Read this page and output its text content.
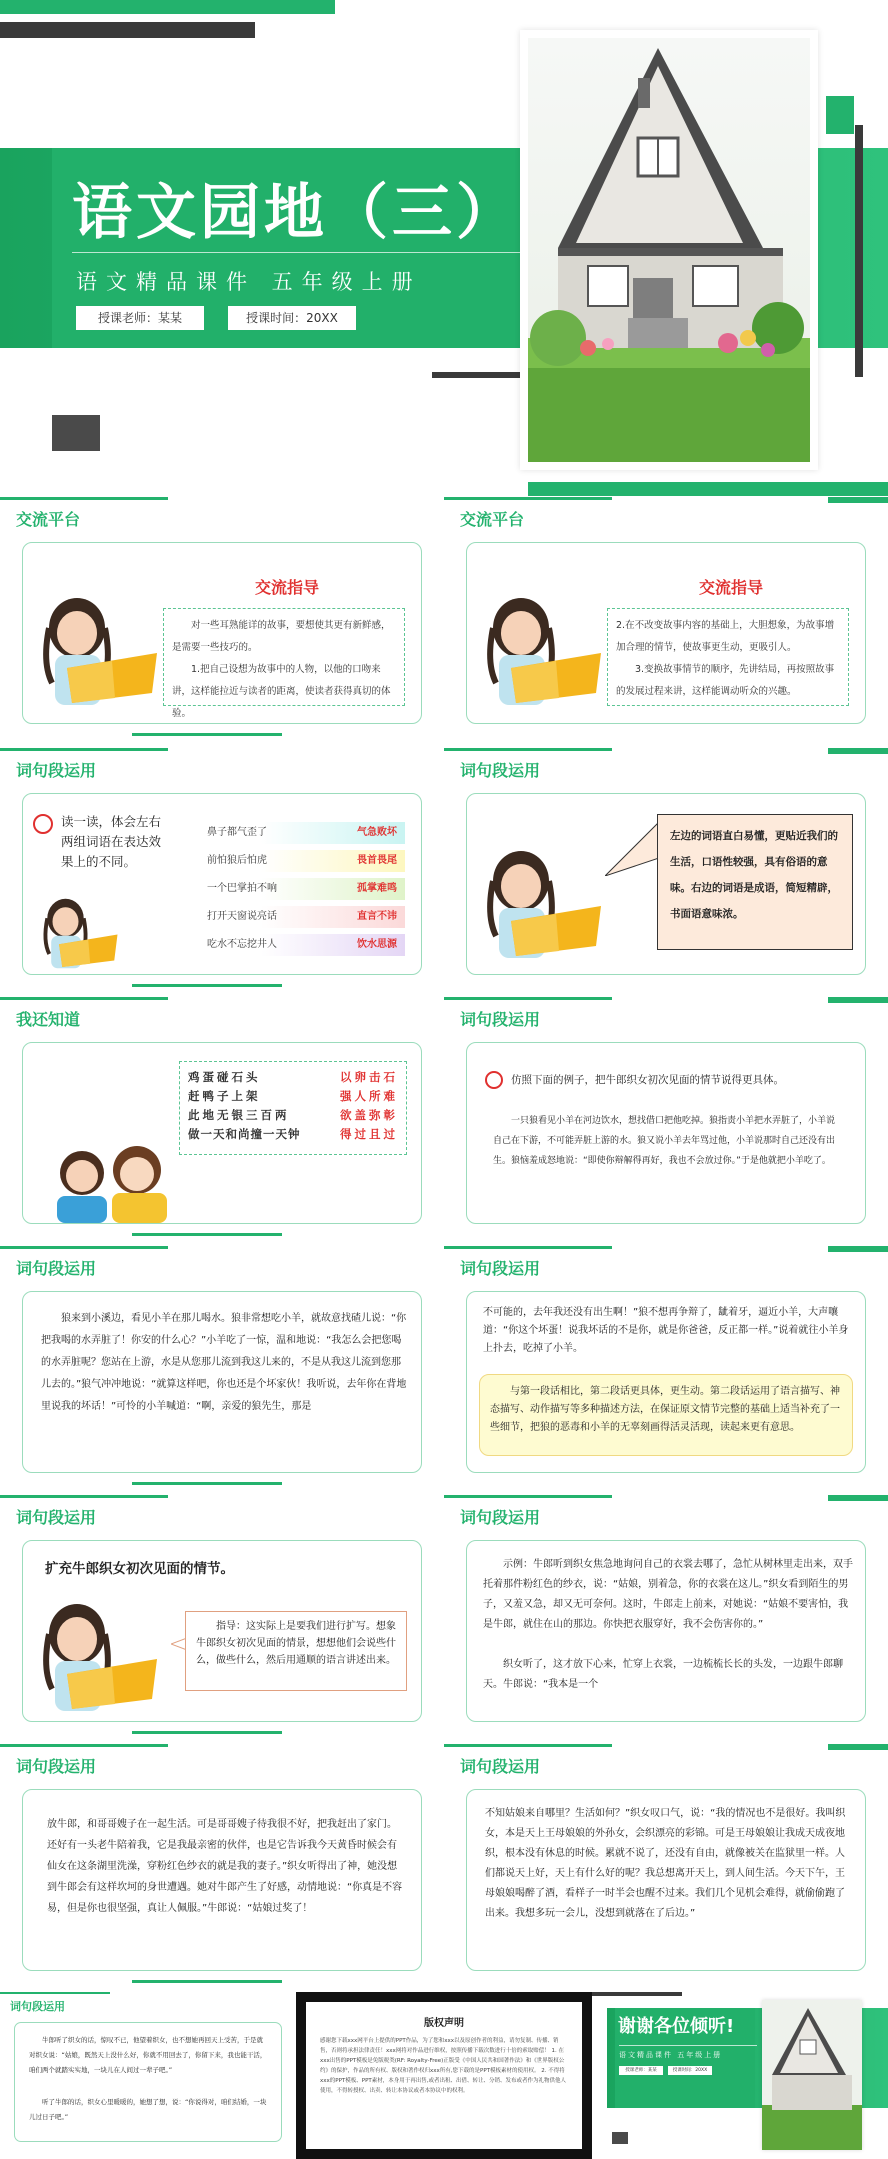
语文园地（三）
语文精品课件 五年级上册
授课老师：某某	授课时间：20XX
交流平台
交流指导
对一些耳熟能详的故事，要想使其更有新鲜感，是需要一些技巧的。
1.把自己设想为故事中的人物，以他的口吻来讲，这样能拉近与读者的距离，使读者获得真切的体验。
交流平台
交流指导
2.在不改变故事内容的基础上，大胆想象，为故事增加合理的情节，使故事更生动，更吸引人。
3.变换故事情节的顺序，先讲结局，再按照故事的发展过程来讲，这样能调动听众的兴趣。
词句段运用
读一读，体会左右两组词语在表达效果上的不同。
鼻子都气歪了	气急败坏
前怕狼后怕虎	畏首畏尾
一个巴掌拍不响	孤掌难鸣
打开天窗说亮话	直言不讳
吃水不忘挖井人	饮水思源
词句段运用
左边的词语直白易懂，更贴近我们的生活，口语性较强，具有俗语的意味。右边的词语是成语，简短精辟，书面语意味浓。
我还知道
鸡蛋碰石头	以卵击石
赶鸭子上架	强人所难
此地无银三百两	欲盖弥彰
做一天和尚撞一天钟	得过且过
词句段运用
仿照下面的例子，把牛郎织女初次见面的情节说得更具体。
一只狼看见小羊在河边饮水，想找借口把他吃掉。狼指责小羊把水弄脏了，小羊说自己在下游，不可能弄脏上游的水。狼又说小羊去年骂过他，小羊说那时自己还没有出生。狼恼羞成怒地说：“即使你辩解得再好，我也不会放过你。”于是他就把小羊吃了。
词句段运用
狼来到小溪边，看见小羊在那儿喝水。狼非常想吃小羊，就故意找碴儿说：“你把我喝的水弄脏了！你安的什么心？”小羊吃了一惊，温和地说：“我怎么会把您喝的水弄脏呢？您站在上游，水是从您那儿流到我这儿来的，不是从我这儿流到您那儿去的。”狼气冲冲地说：“就算这样吧，你也还是个坏家伙！我听说，去年你在背地里说我的坏话！”可怜的小羊喊道：“啊，亲爱的狼先生，那是
词句段运用
不可能的，去年我还没有出生啊！”狼不想再争辩了，龇着牙，逼近小羊，大声嚷道：“你这个坏蛋！说我坏话的不是你，就是你爸爸，反正都一样。”说着就往小羊身上扑去，吃掉了小羊。
与第一段话相比，第二段话更具体，更生动。第二段话运用了语言描写、神态描写、动作描写等多种描述方法，在保证原文情节完整的基础上适当补充了一些细节，把狼的恶毒和小羊的无辜刻画得活灵活现，读起来更有意思。
词句段运用
扩充牛郎织女初次见面的情节。
指导：这实际上是要我们进行扩写。想象牛郎织女初次见面的情景，想想他们会说些什么，做些什么，然后用通顺的语言讲述出来。
词句段运用
示例：牛郎听到织女焦急地询问自己的衣裳去哪了，急忙从树林里走出来，双手托着那件粉红色的纱衣，说：“姑娘，别着急，你的衣裳在这儿。”织女看到陌生的男子，又羞又急，却又无可奈何。这时，牛郎走上前来，对她说：“姑娘不要害怕，我是牛郎，就住在山的那边。你快把衣服穿好，我不会伤害你的。”
织女听了，这才放下心来，忙穿上衣裳，一边梳梳长长的头发，一边跟牛郎聊天。牛郎说：“我本是一个
词句段运用
放牛郎，和哥哥嫂子在一起生活。可是哥哥嫂子待我很不好，把我赶出了家门。还好有一头老牛陪着我，它是我最亲密的伙伴，也是它告诉我今天黄昏时候会有仙女在这条湖里洗澡，穿粉红色纱衣的就是我的妻子。”织女听得出了神，她没想到牛郎会有这样坎坷的身世遭遇。她对牛郎产生了好感，动情地说：“你真是不容易，但是你也很坚强，真让人佩服。”牛郎说：“姑娘过奖了！
词句段运用
不知姑娘来自哪里？生活如何？”织女叹口气，说：“我的情况也不是很好。我叫织女，本是天上王母娘娘的外孙女，会织漂亮的彩锦。可是王母娘娘让我成天成夜地织，根本没有休息的时候。累就不说了，还没有自由，就像被关在监狱里一样。人们都说天上好，天上有什么好的呢？我总想离开天上，到人间生活。今天下午，王母娘娘喝醉了酒，看样子一时半会也醒不过来。我们几个见机会难得，就偷偷跑了出来。我想多玩一会儿，没想到就落在了后边。”
词句段运用
牛郎听了织女的话，惊叹不已，他望着织女，也不想她再回天上受苦，于是就对织女说：“姑娘，既然天上没什么好，你就不用回去了，你留下来，我也能干活，咱们两个就踏实实地，一块儿在人间过一辈子吧。”
听了牛郎的话，织女心里暖暖的，她想了想，说：“你说得对，咱们结婚，一块儿过日子吧。”
版权声明
感谢您下载xxx网平台上提供的PPT作品，为了您和xxx以及原创作者的利益，请勿复制、传播、销售，否则将承担法律责任！xxx网将对作品进行维权，按照传播下载次数进行十倍的索取赔偿！ 1. 在xxx出售的PPT模板是免版税类(RF: Royalty-Free)正版受《中国人民共和国著作法》和《世界版权公约》的保护，作品的所有权、版权和著作权归xxx所有,您下载的是PPT模板素材的使用权。 2. 不得将xxx的PPT模板、PPT素材，本身用于再出售,或者出租、出借、转让、分销、发布或者作为礼物供他人使用，不得转授权、出卖、转让本协议或者本协议中的权利。
谢谢各位倾听!
语文精品课件 五年级上册
授课老师：某某	授课时间：20XX
